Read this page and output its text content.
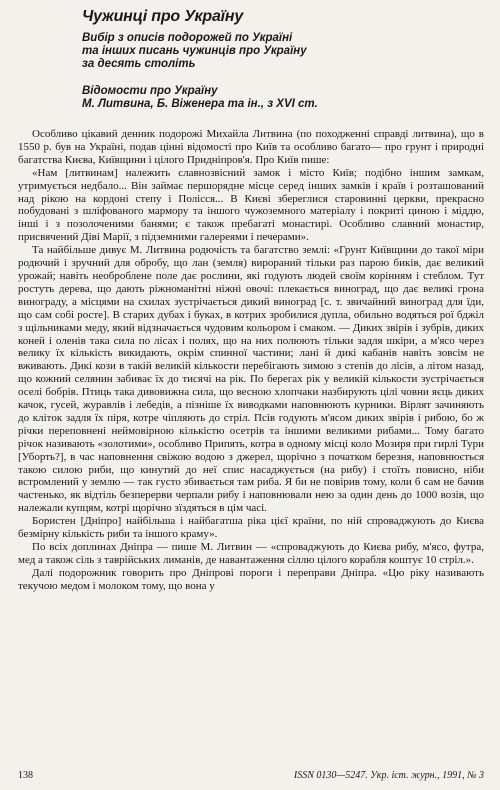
Чужинці про Україну
Вибір з описів подорожей по Україні
та інших писань чужинців про Україну
за десять століть
Відомости про Україну
М. Литвина, Б. Віженера та ін., з XVI ст.

Особливо цікавий денник подорожі Михайла Литвина (по походженні справді литвина), що в 1550 р. був на Україні, подав цінні відомості про Київ та особливо багато— про грунт і природні багатства Києва, Київщини і цілого Придніпров'я. Про Київ пише:

«Нам [литвинам] належить славнозвісний замок і місто Київ; подібно іншим замкам, утримується недбало... Він займає першорядне місце серед інших замків і країв і розташований над рікою на кордоні степу і Полісся... В Києві збереглися старовинні церкви, прекрасно побудовані з шліфованого мармору та іншого чужоземного матеріалу і покриті циною і міддю, інші і з позолоченими банями; є також пребагаті монастирі. Особливо славний монастир, присвячений Діві Марії, з підземними галереями і печерами».

Та найбільше дивує М. Литвина родючість та багатство землі: «Грунт Київщини до такої міри родючий і зручний для обробу, що лан (земля) вирораний тільки раз парою биків, дає великий урожай; навіть необроблене поле дає рослини, які годують людей своїм корінням і стеблом. Тут ростуть дерева, що дають ріжноманітні ніжні овочі: плекається виноград, що дає великі грона винограду, а місцями на схилах зустрічається дикий виноград [с. т. звичайний виноград для їди, що сам собі росте]. В старих дубах і буках, в котрих зробилися дупла, обильно водяться рої бджіл з щільниками меду, який відзначається чудовим кольором і смаком. — Диких звірів і зубрів, диких коней і оленів така сила по лісах і полях, що на них полюють тільки задля шкіри, а м'ясо через велику їх кількість викидають, окрім спинної частини; лані й дикі кабанів навіть зовсім не вживають. Дикі кози в такій великій кількости перебігають зимою з степів до лісів, а літом назад, що кожний селянин забиває їх до тисячі на рік. По берегах рік у великій кількости зустрічається оселі бобрів. Птиць така дивовижна сила, що весною хлопчаки назбирують цілі човни яєць диких качок, гусей, журавлів і лебедів, а пізніше їх виводками наповнюють курники. Вірлят зачиняють до кліток задля їх піря, котре чіпляють до стріл. Псів годують м'ясом диких звірів і рибою, бо ж річки переповнені неймовірною кількістю осетрів та іншими великими рибами... Тому багато річок називають «золотими», особливо Припять, котра в одному місці коло Мозиря при гирлі Тури [Уборть?], в час наповнення свіжою водою з джерел, щорічно з початком березня, наповнюється такою силою риби, що кинутий до неї спис насаджується (на рибу) і стоїть повисно, ніби встромлений у землю — так густо збивається там риба. Я би не повірив тому, коли б сам не бачив частенько, як відтіль безперерви черпали рибу і наповнювали нею за один день до 1000 возів, що належали купцям, котрі щорічно зїздяться в цім часі.

Бористен [Дніпро] найбільша і найбагатша ріка цієї країни, по ній спроваджують до Києва безмірну кількість риби та іншого краму».

По всіх доплинах Дніпра — пише М. Литвин — «спроваджують до Києва рибу, м'ясо, футра, мед а також сіль з таврійських лиманів, де навантаження сіллю цілого корабля коштує 10 стріл.».

Далі подорожник говорить про Дніпрові пороги і переправи Дніпра. «Цю ріку називають текучою медом і молоком тому, що вона у

138	ISSN 0130—5247. Укр. іст. журн., 1991, № 3
